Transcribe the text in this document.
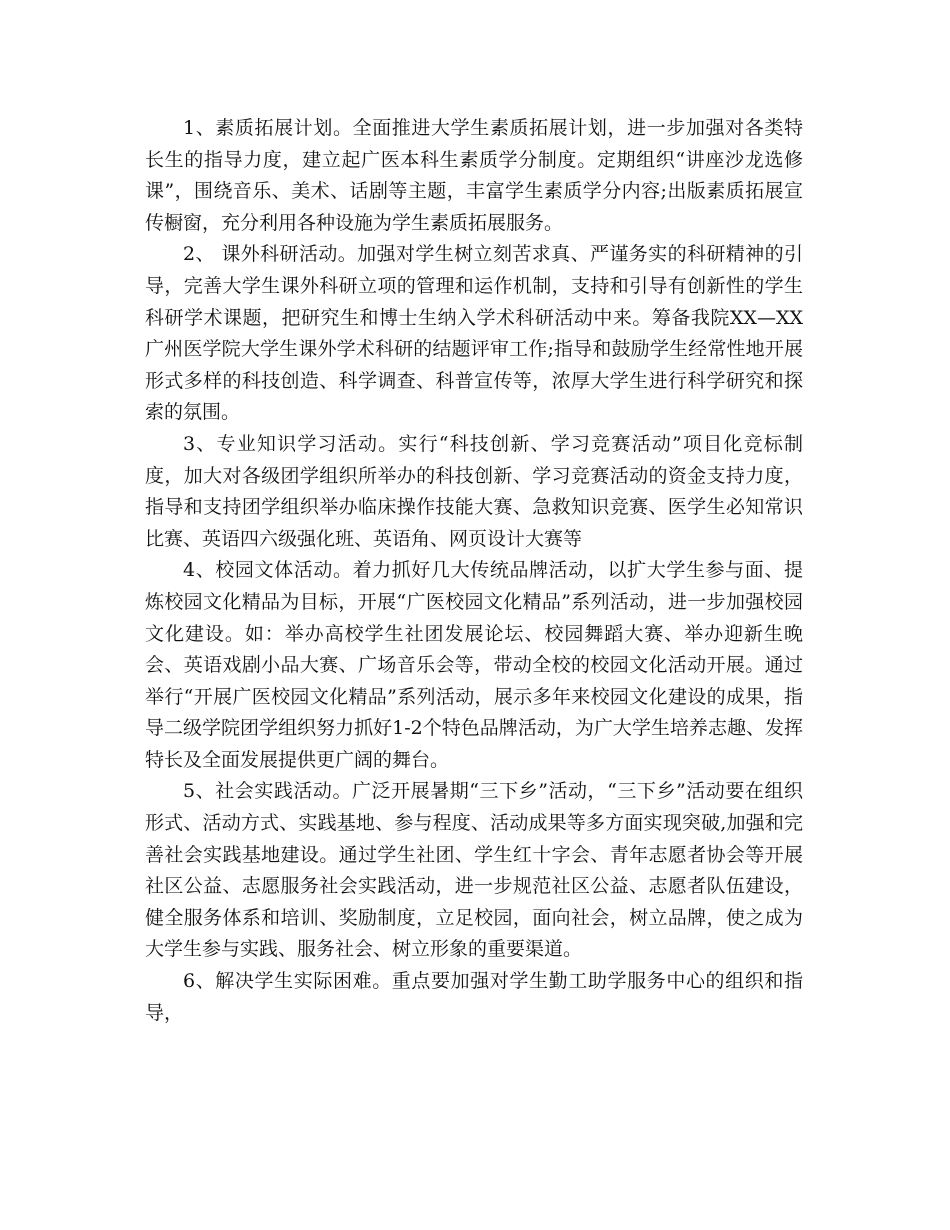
1、素质拓展计划。全面推进大学生素质拓展计划，进一步加强对各类特长生的指导力度，建立起广医本科生素质学分制度。定期组织“讲座沙龙选修课”，围绕音乐、美术、话剧等主题，丰富学生素质学分内容;出版素质拓展宣传橱窗，充分利用各种设施为学生素质拓展服务。

2、 课外科研活动。加强对学生树立刻苦求真、严谨务实的科研精神的引导，完善大学生课外科研立项的管理和运作机制，支持和引导有创新性的学生科研学术课题，把研究生和博士生纳入学术科研活动中来。筹备我院XX—XX广州医学院大学生课外学术科研的结题评审工作;指导和鼓励学生经常性地开展形式多样的科技创造、科学调查、科普宣传等，浓厚大学生进行科学研究和探索的氛围。

3、专业知识学习活动。实行“科技创新、学习竞赛活动”项目化竞标制度，加大对各级团学组织所举办的科技创新、学习竞赛活动的资金支持力度，指导和支持团学组织举办临床操作技能大赛、急救知识竞赛、医学生必知常识比赛、英语四六级强化班、英语角、网页设计大赛等

4、校园文体活动。着力抓好几大传统品牌活动，以扩大学生参与面、提炼校园文化精品为目标，开展“广医校园文化精品”系列活动，进一步加强校园文化建设。如：举办高校学生社团发展论坛、校园舞蹈大赛、举办迎新生晚会、英语戏剧小品大赛、广场音乐会等，带动全校的校园文化活动开展。通过举行“开展广医校园文化精品”系列活动，展示多年来校园文化建设的成果，指导二级学院团学组织努力抓好1-2个特色品牌活动，为广大学生培养志趣、发挥特长及全面发展提供更广阔的舞台。

5、社会实践活动。广泛开展暑期“三下乡”活动，“三下乡”活动要在组织形式、活动方式、实践基地、参与程度、活动成果等多方面实现突破,加强和完善社会实践基地建设。通过学生社团、学生红十字会、青年志愿者协会等开展社区公益、志愿服务社会实践活动，进一步规范社区公益、志愿者队伍建设，健全服务体系和培训、奖励制度，立足校园，面向社会，树立品牌，使之成为大学生参与实践、服务社会、树立形象的重要渠道。

6、解决学生实际困难。重点要加强对学生勤工助学服务中心的组织和指导，
